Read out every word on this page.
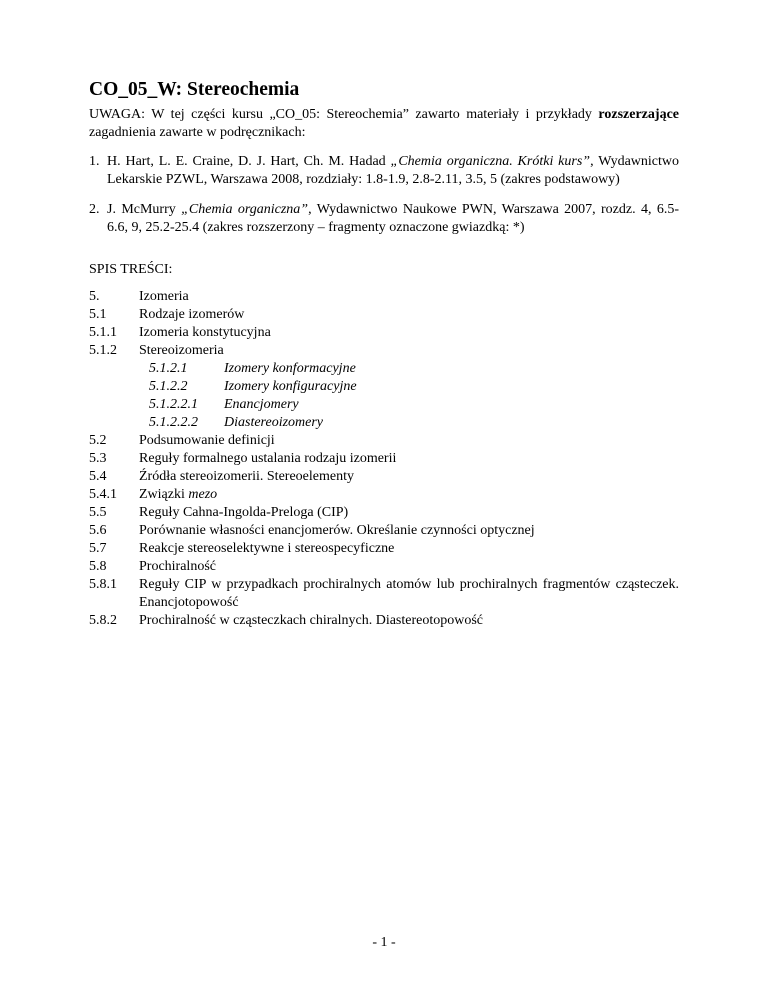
CO_05_W: Stereochemia

UWAGA: W tej części kursu „CO_05: Stereochemia” zawarto materiały i przykłady rozszerzające zagadnienia zawarte w podręcznikach:

1. H. Hart, L. E. Craine, D. J. Hart, Ch. M. Hadad „Chemia organiczna. Krótki kurs”, Wydawnictwo Lekarskie PZWL, Warszawa 2008, rozdziały: 1.8-1.9, 2.8-2.11, 3.5, 5 (zakres podstawowy)
2. J. McMurry „Chemia organiczna”, Wydawnictwo Naukowe PWN, Warszawa 2007, rozdz. 4, 6.5-6.6, 9, 25.2-25.4 (zakres rozszerzony – fragmenty oznaczone gwiazdką: *)

SPIS TREŚCI:

5.	Izomeria
5.1 Rodzaje izomerów
5.1.1 Izomeria konstytucyjna
5.1.2 Stereoizomeria
5.1.2.1	Izomery konformacyjne
5.1.2.2	Izomery konfiguracyjne
5.1.2.2.1	Enancjomery
5.1.2.2.2	Diastereoizomery
5.2 Podsumowanie definicji
5.3 Reguły formalnego ustalania rodzaju izomerii
5.4 Źródła stereoizomerii. Stereoelementy
5.4.1 Związki mezo
5.5 Reguły Cahna-Ingolda-Preloga (CIP)
5.6 Porównanie własności enancjomerów. Określanie czynności optycznej
5.7 Reakcje stereoselektywne i stereospecyficzne
5.8 Prochiralność
5.8.1 Reguły CIP w przypadkach prochiralnych atomów lub prochiralnych fragmentów cząsteczek. Enancjotopowość
5.8.2 Prochiralność w cząsteczkach chiralnych. Diastereotopowość

- 1 -
